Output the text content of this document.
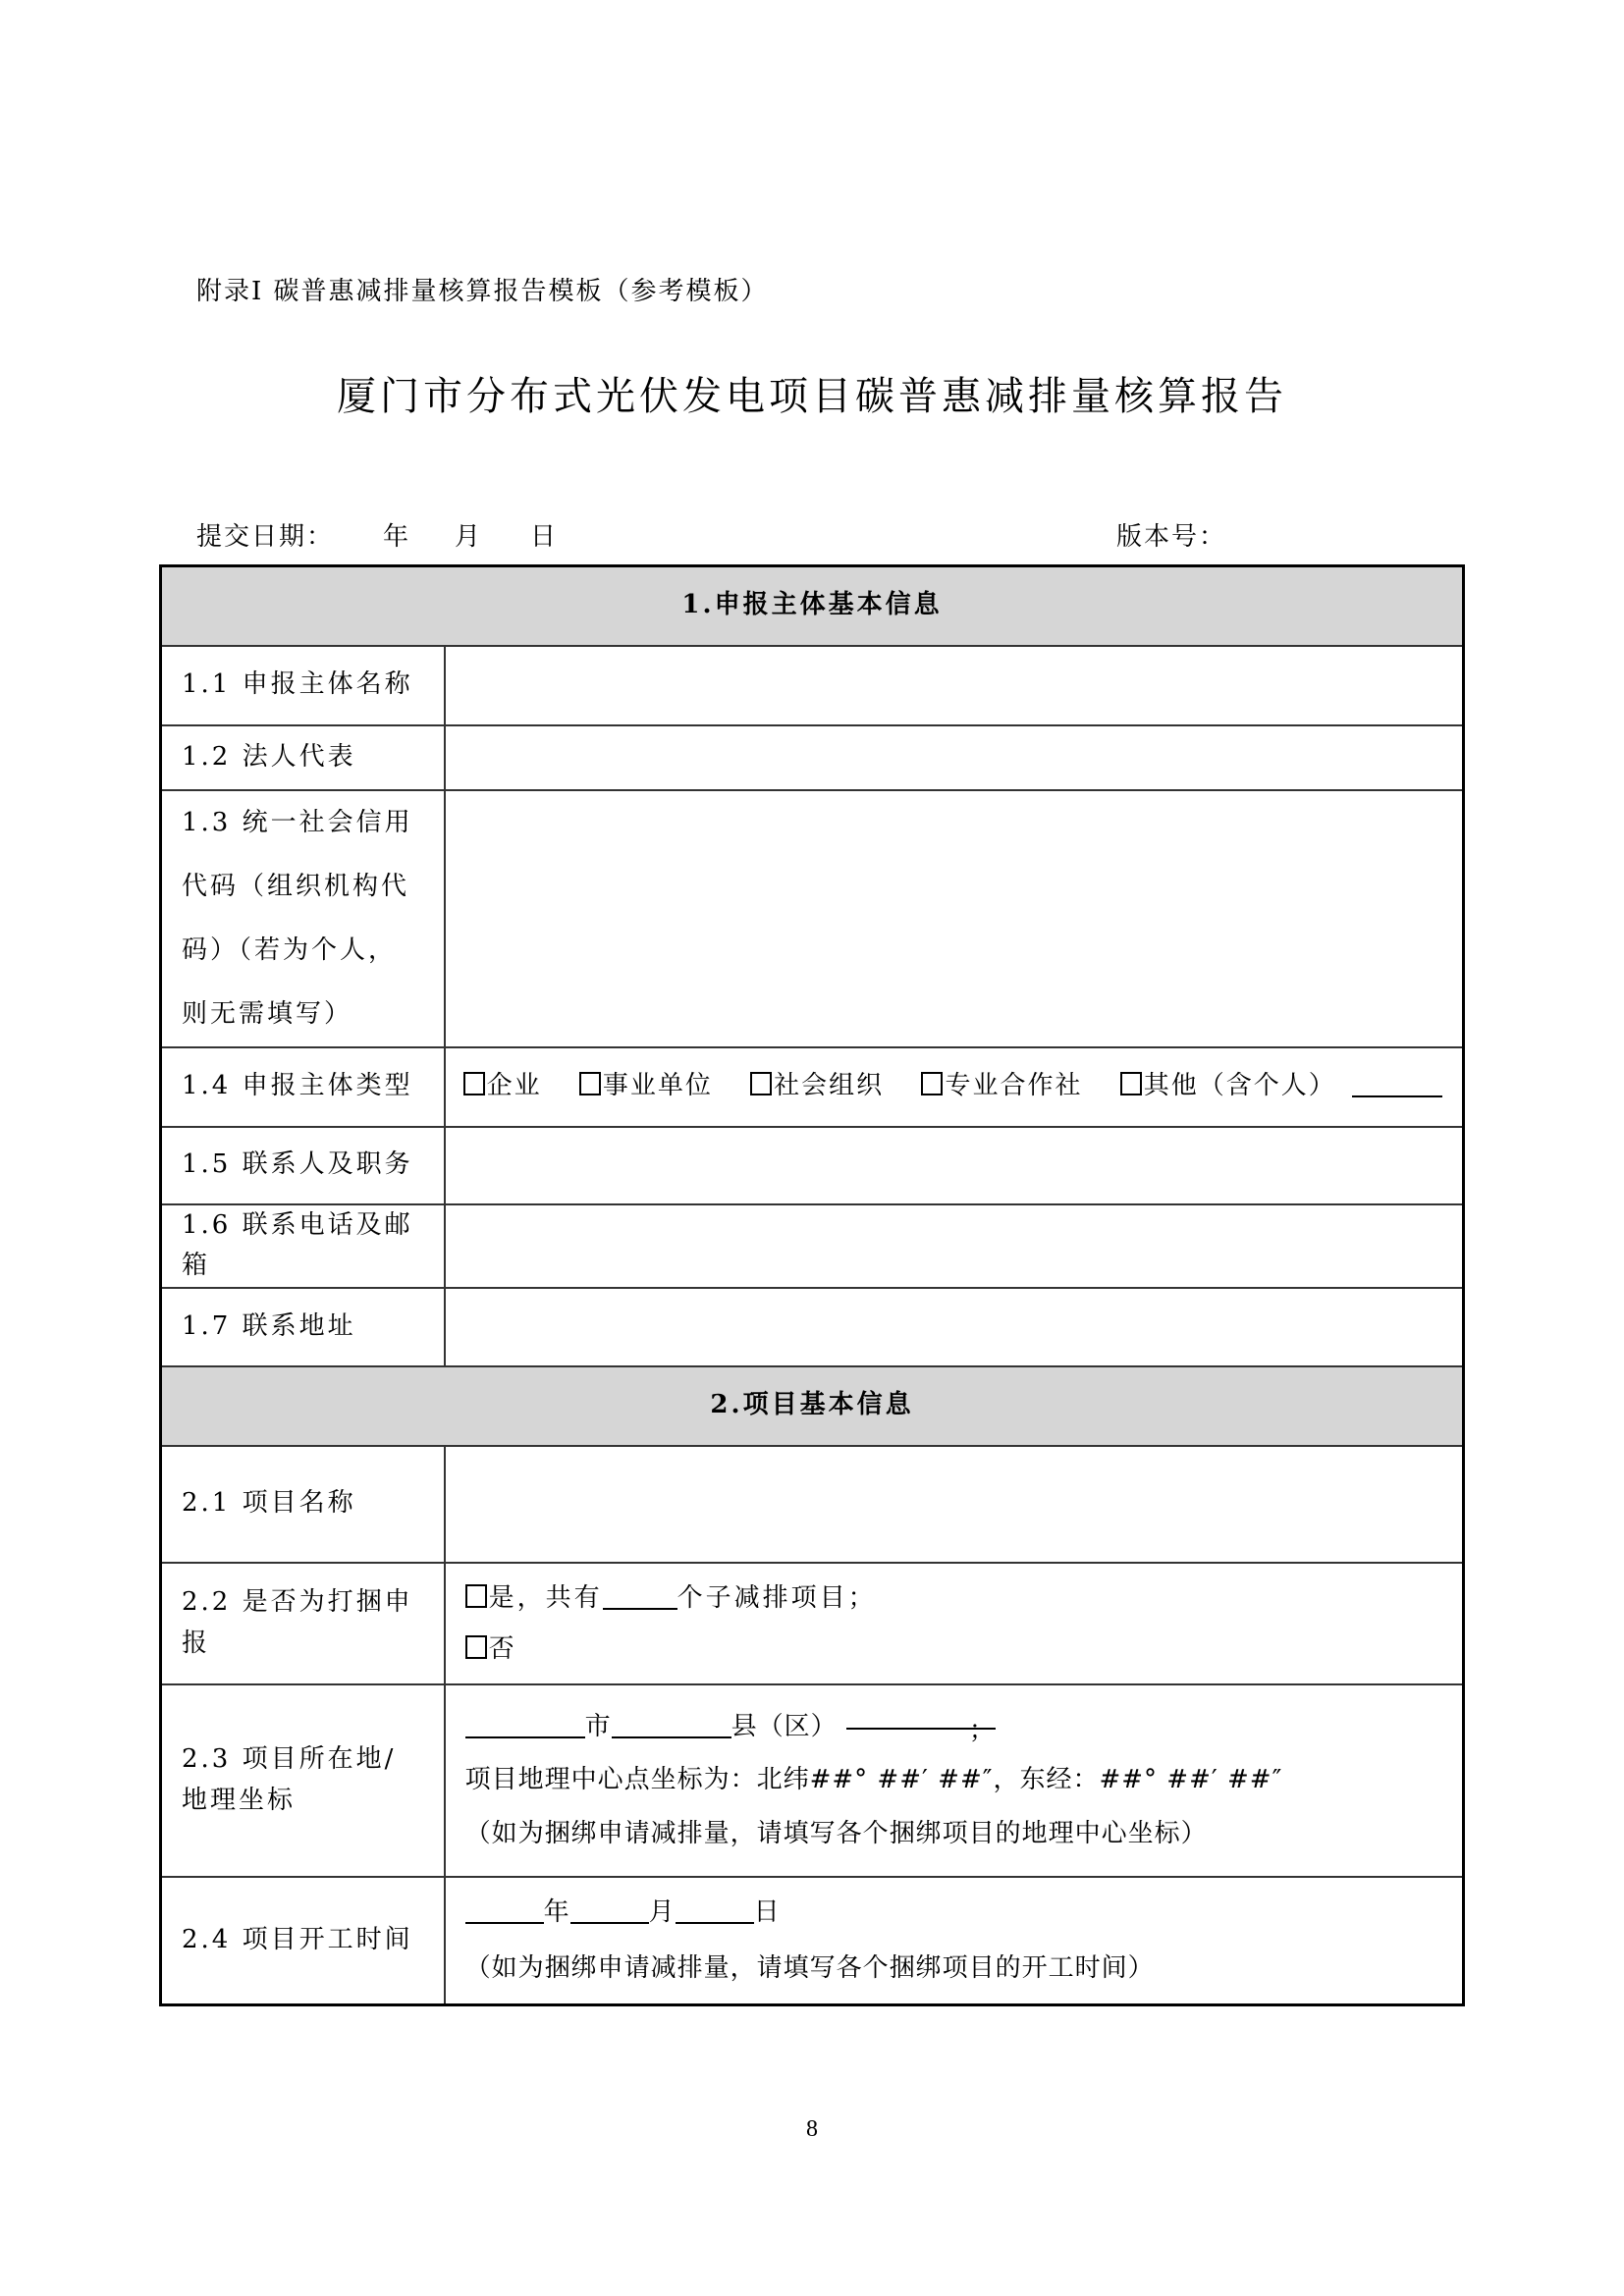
附录Ⅰ 碳普惠减排量核算报告模板（参考模板）
厦门市分布式光伏发电项目碳普惠减排量核算报告
提交日期： 年 月 日	版本号：
1.申报主体基本信息	
1.1 申报主体名称	
1.2 法人代表	
1.3 统一社会信用代码（组织机构代码）（若为个人，则无需填写）	
1.4 申报主体类型	企业 事业单位 社会组织 专业合作社 其他（含个人）
1.5 联系人及职务	
1.6 联系电话及邮箱	
1.7 联系地址	
2.项目基本信息	
2.1 项目名称	
2.2 是否为打捆申报	是，共有 个子减排项目；
否

2.3 项目所在地/地理坐标	市 县（区） ；
项目地理中心点坐标为：北纬##° ##′ ##″，东经：##° ##′ ##″
（如为捆绑申请减排量，请填写各个捆绑项目的地理中心坐标）

2.4 项目开工时间	年 月 日
（如为捆绑申请减排量，请填写各个捆绑项目的开工时间）
8
